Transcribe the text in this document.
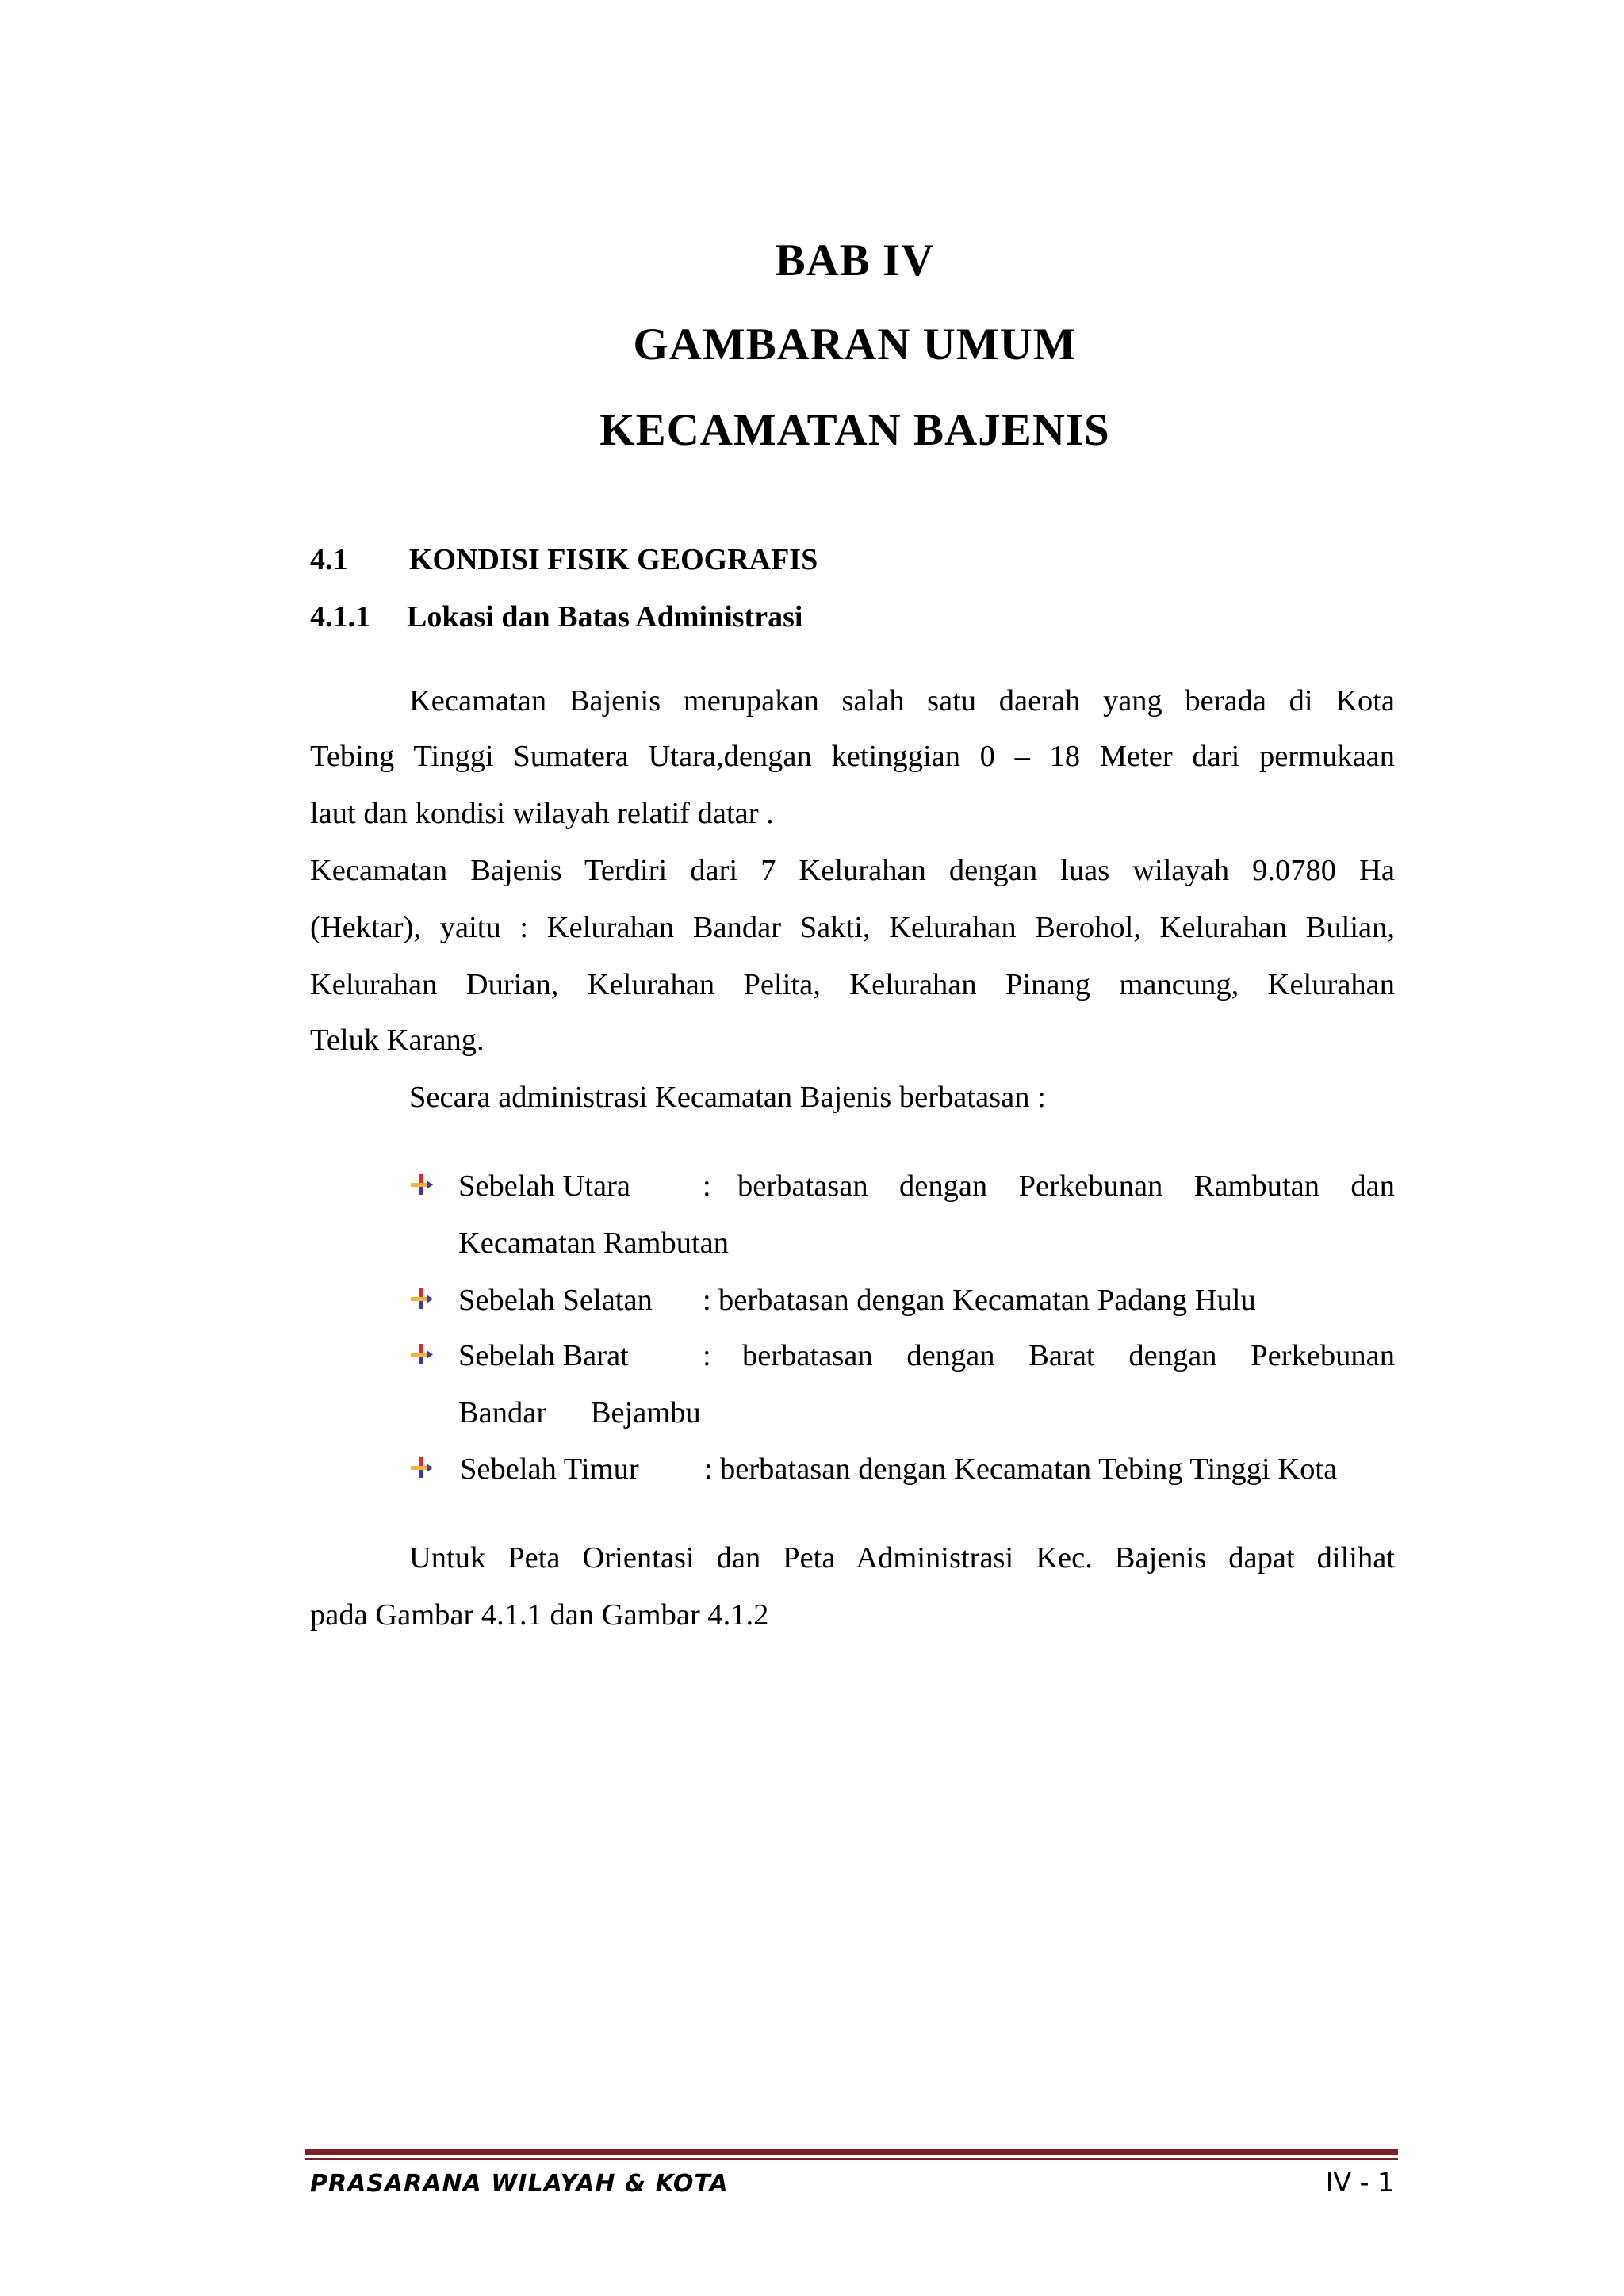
BAB IV
GAMBARAN UMUM
KECAMATAN BAJENIS
4.1 KONDISI FISIK GEOGRAFIS
4.1.1 Lokasi dan Batas Administrasi
Kecamatan Bajenis merupakan salah satu daerah yang berada di Kota
Tebing Tinggi Sumatera Utara,dengan ketinggian 0 – 18 Meter dari permukaan
laut dan kondisi wilayah relatif datar .
Kecamatan Bajenis Terdiri dari 7 Kelurahan dengan luas wilayah 9.0780 Ha
(Hektar), yaitu : Kelurahan Bandar Sakti, Kelurahan Berohol, Kelurahan Bulian,
Kelurahan Durian, Kelurahan Pelita, Kelurahan Pinang mancung, Kelurahan
Teluk Karang.
Secara administrasi Kecamatan Bajenis berbatasan :
Sebelah Utara : berbatasan dengan Perkebunan Rambutan dan
Kecamatan Rambutan
Sebelah Selatan : berbatasan dengan Kecamatan Padang Hulu
Sebelah Barat : berbatasan dengan Barat dengan Perkebunan
Bandar Bejambu
Sebelah Timur : berbatasan dengan Kecamatan Tebing Tinggi Kota
Untuk Peta Orientasi dan Peta Administrasi Kec. Bajenis dapat dilihat
pada Gambar 4.1.1 dan Gambar 4.1.2
PRASARANA WILAYAH & KOTA	IV - 1
